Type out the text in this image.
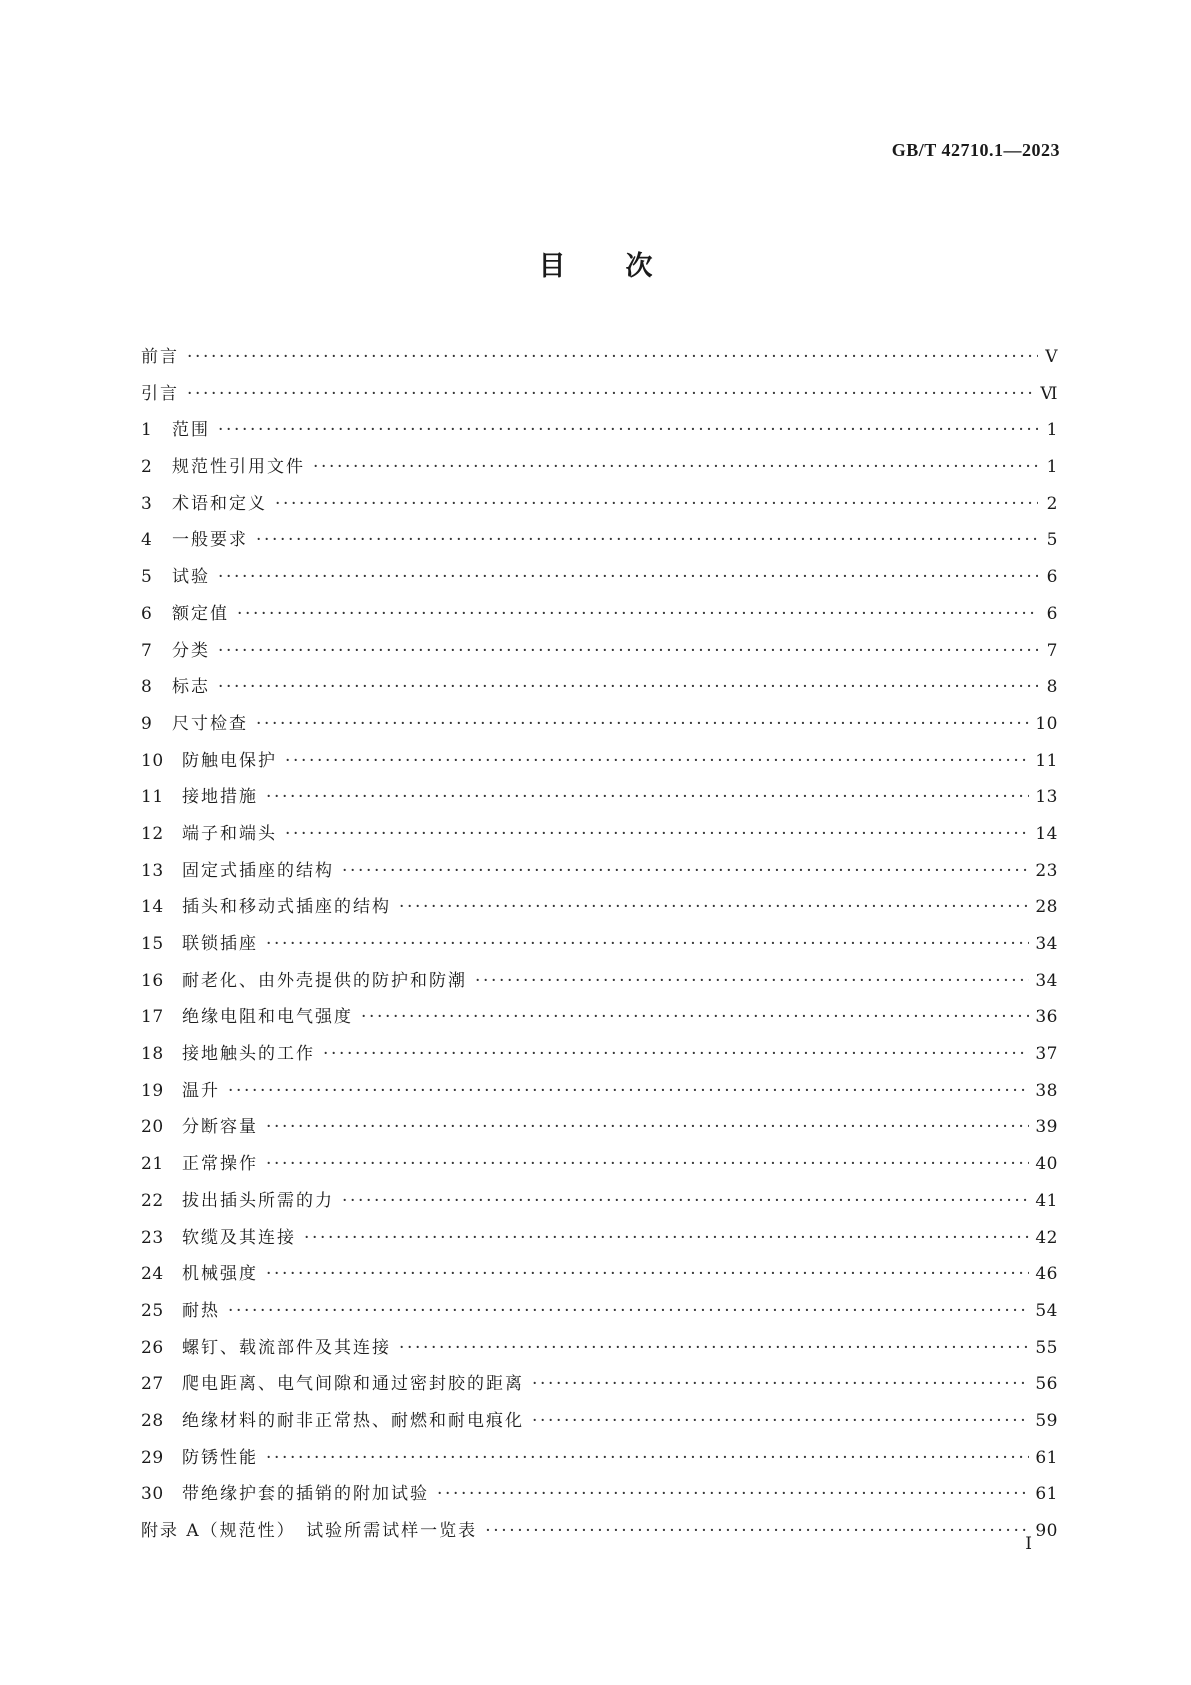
GB/T 42710.1—2023
目次
前言 ·····	Ⅴ
引言 ·····	Ⅵ
1	范围 ·····	1
2	规范性引用文件 ·····	1
3	术语和定义 ·····	2
4	一般要求 ·····	5
5	试验 ·····	6
6	额定值 ·····	6
7	分类 ·····	7
8	标志 ·····	8
9	尺寸检查 ·····	10
10	防触电保护 ·····	11
11	接地措施 ·····	13
12	端子和端头 ·····	14
13	固定式插座的结构 ·····	23
14	插头和移动式插座的结构 ·····	28
15	联锁插座 ·····	34
16	耐老化、由外壳提供的防护和防潮 ·····	34
17	绝缘电阻和电气强度 ·····	36
18	接地触头的工作 ·····	37
19	温升 ·····	38
20	分断容量 ·····	39
21	正常操作 ·····	40
22	拔出插头所需的力 ·····	41
23	软缆及其连接 ·····	42
24	机械强度 ·····	46
25	耐热 ·····	54
26	螺钉、载流部件及其连接 ·····	55
27	爬电距离、电气间隙和通过密封胶的距离 ·····	56
28	绝缘材料的耐非正常热、耐燃和耐电痕化 ·····	59
29	防锈性能 ·····	61
30	带绝缘护套的插销的附加试验 ·····	61
附录 A（规范性）　试验所需试样一览表 ·····	90
Ⅰ
